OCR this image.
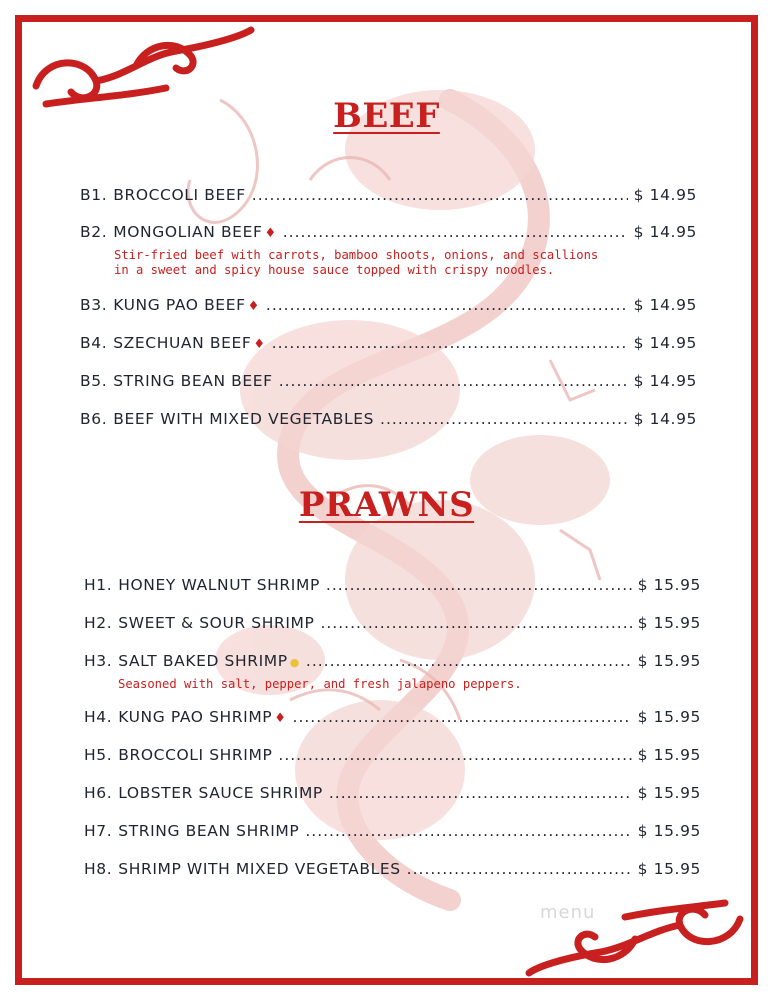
BEEF
B1. BROCCOLI BEEF .....	$ 14.95
B2. MONGOLIAN BEEF ♦ .....	$ 14.95
Stir-fried beef with carrots, bamboo shoots, onions, and scallions
in a sweet and spicy house sauce topped with crispy noodles.
B3. KUNG PAO BEEF ♦ .....	$ 14.95
B4. SZECHUAN BEEF ♦ .....	$ 14.95
B5. STRING BEAN BEEF .....	$ 14.95
B6. BEEF WITH MIXED VEGETABLES .....	$ 14.95
PRAWNS
H1. HONEY WALNUT SHRIMP .....	$ 15.95
H2. SWEET & SOUR SHRIMP .....	$ 15.95
H3. SALT BAKED SHRIMP ● .....	$ 15.95
Seasoned with salt, pepper, and fresh jalapeno peppers.
H4. KUNG PAO SHRIMP ♦ .....	$ 15.95
H5. BROCCOLI SHRIMP .....	$ 15.95
H6. LOBSTER SAUCE SHRIMP .....	$ 15.95
H7. STRING BEAN SHRIMP .....	$ 15.95
H8. SHRIMP WITH MIXED VEGETABLES .....	$ 15.95
menu
